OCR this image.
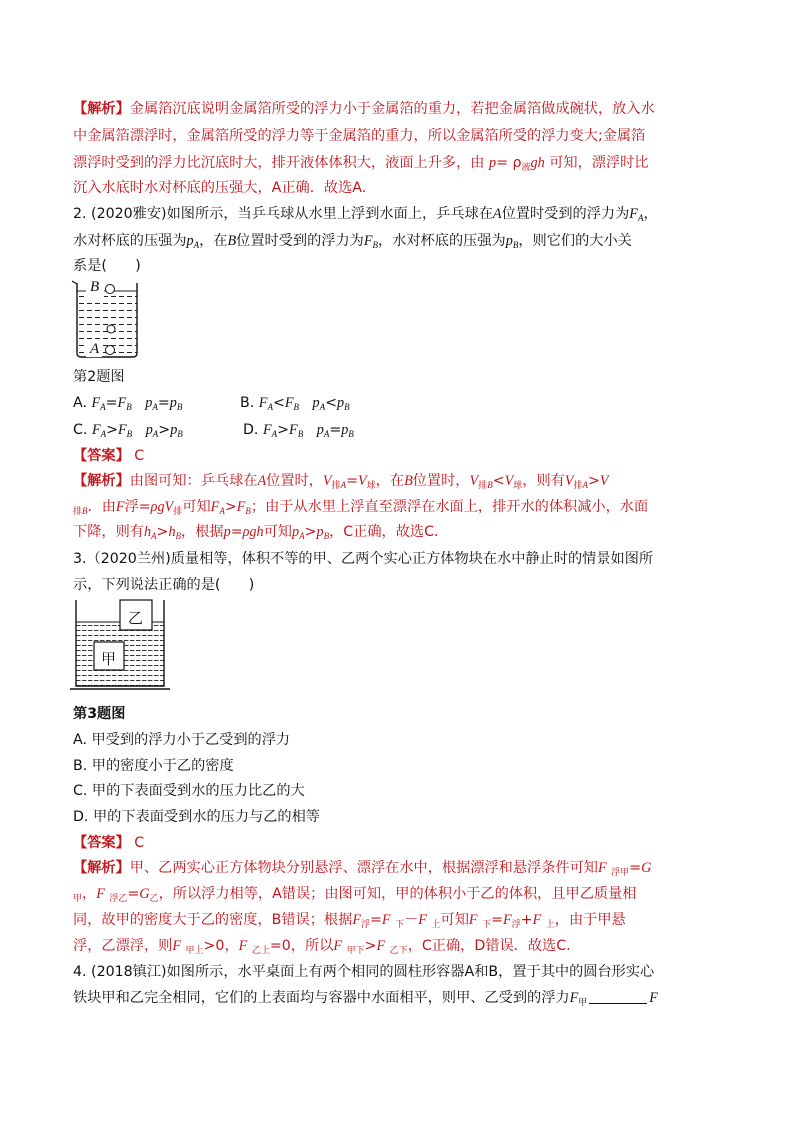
【解析】金属箔沉底说明金属箔所受的浮力小于金属箔的重力，若把金属箔做成碗状，放入水
中金属箔漂浮时，金属箔所受的浮力等于金属箔的重力，所以金属箔所受的浮力变大;金属箔
漂浮时受到的浮力比沉底时大，排开液体体积大，液面上升多，由 $p= \rho_液gh$ 可知，漂浮时比
沉入水底时水对杯底的压强大，A正确．故选A.
2. (2020雅安)如图所示，当乒乓球从水里上浮到水面上，乒乓球在A位置时受到的浮力为$F_A$，
水对杯底的压强为$p_A$，在B位置时受到的浮力为$F_B$，水对杯底的压强为$p_B$，则它们的大小关
系是(　　)
B
A
第2题图
A. $F_A=F_B$ $p_A=p_B$	B. $F_A<F_B$ $p_A<p_B$
C. $F_A>F_B$ $p_A>p_B$	D. $F_A>F_B$ $p_A=p_B$
【答案】 C
【解析】由图可知：乒乓球在A位置时，$V_{排A}=V_球$，在B位置时，$V_{排B}<V_球$，则有$V_{排A}>V$
$_{排B}$．由F浮=ρgV$_排$可知$F_A>F_B$；由于从水里上浮直至漂浮在水面上，排开水的体积减小，水面
下降，则有$h_A>h_B$，根据p=ρgh可知$p_A>p_B$，C正确，故选C.
3.（2020兰州)质量相等，体积不等的甲、乙两个实心正方体物块在水中静止时的情景如图所
示，下列说法正确的是(　　)
乙
甲
第3题图
A. 甲受到的浮力小于乙受到的浮力
B. 甲的密度小于乙的密度
C. 甲的下表面受到水的压力比乙的大
D. 甲的下表面受到水的压力与乙的相等
【答案】 C
【解析】甲、乙两实心正方体物块分别悬浮、漂浮在水中，根据漂浮和悬浮条件可知F $_{浮甲}$=G
$_甲$，F $_{浮乙}=G_乙$，所以浮力相等，A错误；由图可知，甲的体积小于乙的体积，且甲乙质量相
同，故甲的密度大于乙的密度，B错误；根据$F_浮=F$ $_下$－F $_上$可知F $_下=F_浮+F$ $_上$，由于甲悬
浮，乙漂浮，则F $_{甲上}$>0，F $_{乙上}$=0，所以F $_{甲下}$>F $_{乙下}$，C正确，D错误．故选C.
4. (2018镇江)如图所示，水平桌面上有两个相同的圆柱形容器A和B，置于其中的圆台形实心
铁块甲和乙完全相同，它们的上表面均与容器中水面相平，则甲、乙受到的浮力$F_甲$	F
